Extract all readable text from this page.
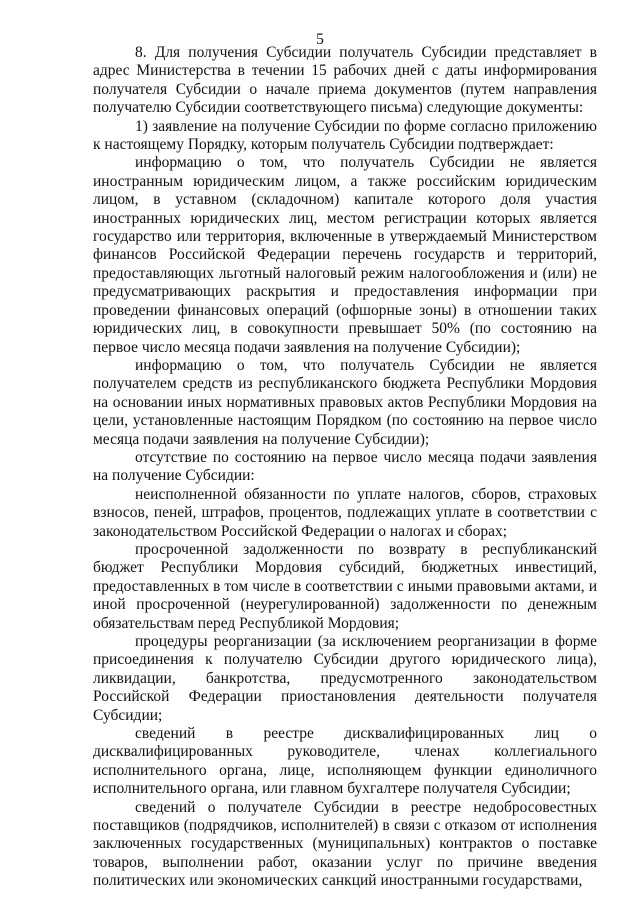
5

8. Для получения Субсидии получатель Субсидии представляет в адрес Министерства в течении 15 рабочих дней с даты информирования получателя Субсидии о начале приема документов (путем направления получателю Субсидии соответствующего письма) следующие документы:

1) заявление на получение Субсидии по форме согласно приложению к настоящему Порядку, которым получатель Субсидии подтверждает:

информацию о том, что получатель Субсидии не является иностранным юридическим лицом, а также российским юридическим лицом, в уставном (складочном) капитале которого доля участия иностранных юридических лиц, местом регистрации которых является государство или территория, включенные в утверждаемый Министерством финансов Российской Федерации перечень государств и территорий, предоставляющих льготный налоговый режим налогообложения и (или) не предусматривающих раскрытия и предоставления информации при проведении финансовых операций (офшорные зоны) в отношении таких юридических лиц, в совокупности превышает 50% (по состоянию на первое число месяца подачи заявления на получение Субсидии);

информацию о том, что получатель Субсидии не является получателем средств из республиканского бюджета Республики Мордовия на основании иных нормативных правовых актов Республики Мордовия на цели, установленные настоящим Порядком (по состоянию на первое число месяца подачи заявления на получение Субсидии);

отсутствие по состоянию на первое число месяца подачи заявления на получение Субсидии:

неисполненной обязанности по уплате налогов, сборов, страховых взносов, пеней, штрафов, процентов, подлежащих уплате в соответствии с законодательством Российской Федерации о налогах и сборах;

просроченной задолженности по возврату в республиканский бюджет Республики Мордовия субсидий, бюджетных инвестиций, предоставленных в том числе в соответствии с иными правовыми актами, и иной просроченной (неурегулированной) задолженности по денежным обязательствам перед Республикой Мордовия;

процедуры реорганизации (за исключением реорганизации в форме присоединения к получателю Субсидии другого юридического лица), ликвидации, банкротства, предусмотренного законодательством Российской Федерации приостановления деятельности получателя Субсидии;

сведений в реестре дисквалифицированных лиц о дисквалифицированных руководителе, членах коллегиального исполнительного органа, лице, исполняющем функции единоличного исполнительного органа, или главном бухгалтере получателя Субсидии;

сведений о получателе Субсидии в реестре недобросовестных поставщиков (подрядчиков, исполнителей) в связи с отказом от исполнения заключенных государственных (муниципальных) контрактов о поставке товаров, выполнении работ, оказании услуг по причине введения политических или экономических санкций иностранными государствами,
